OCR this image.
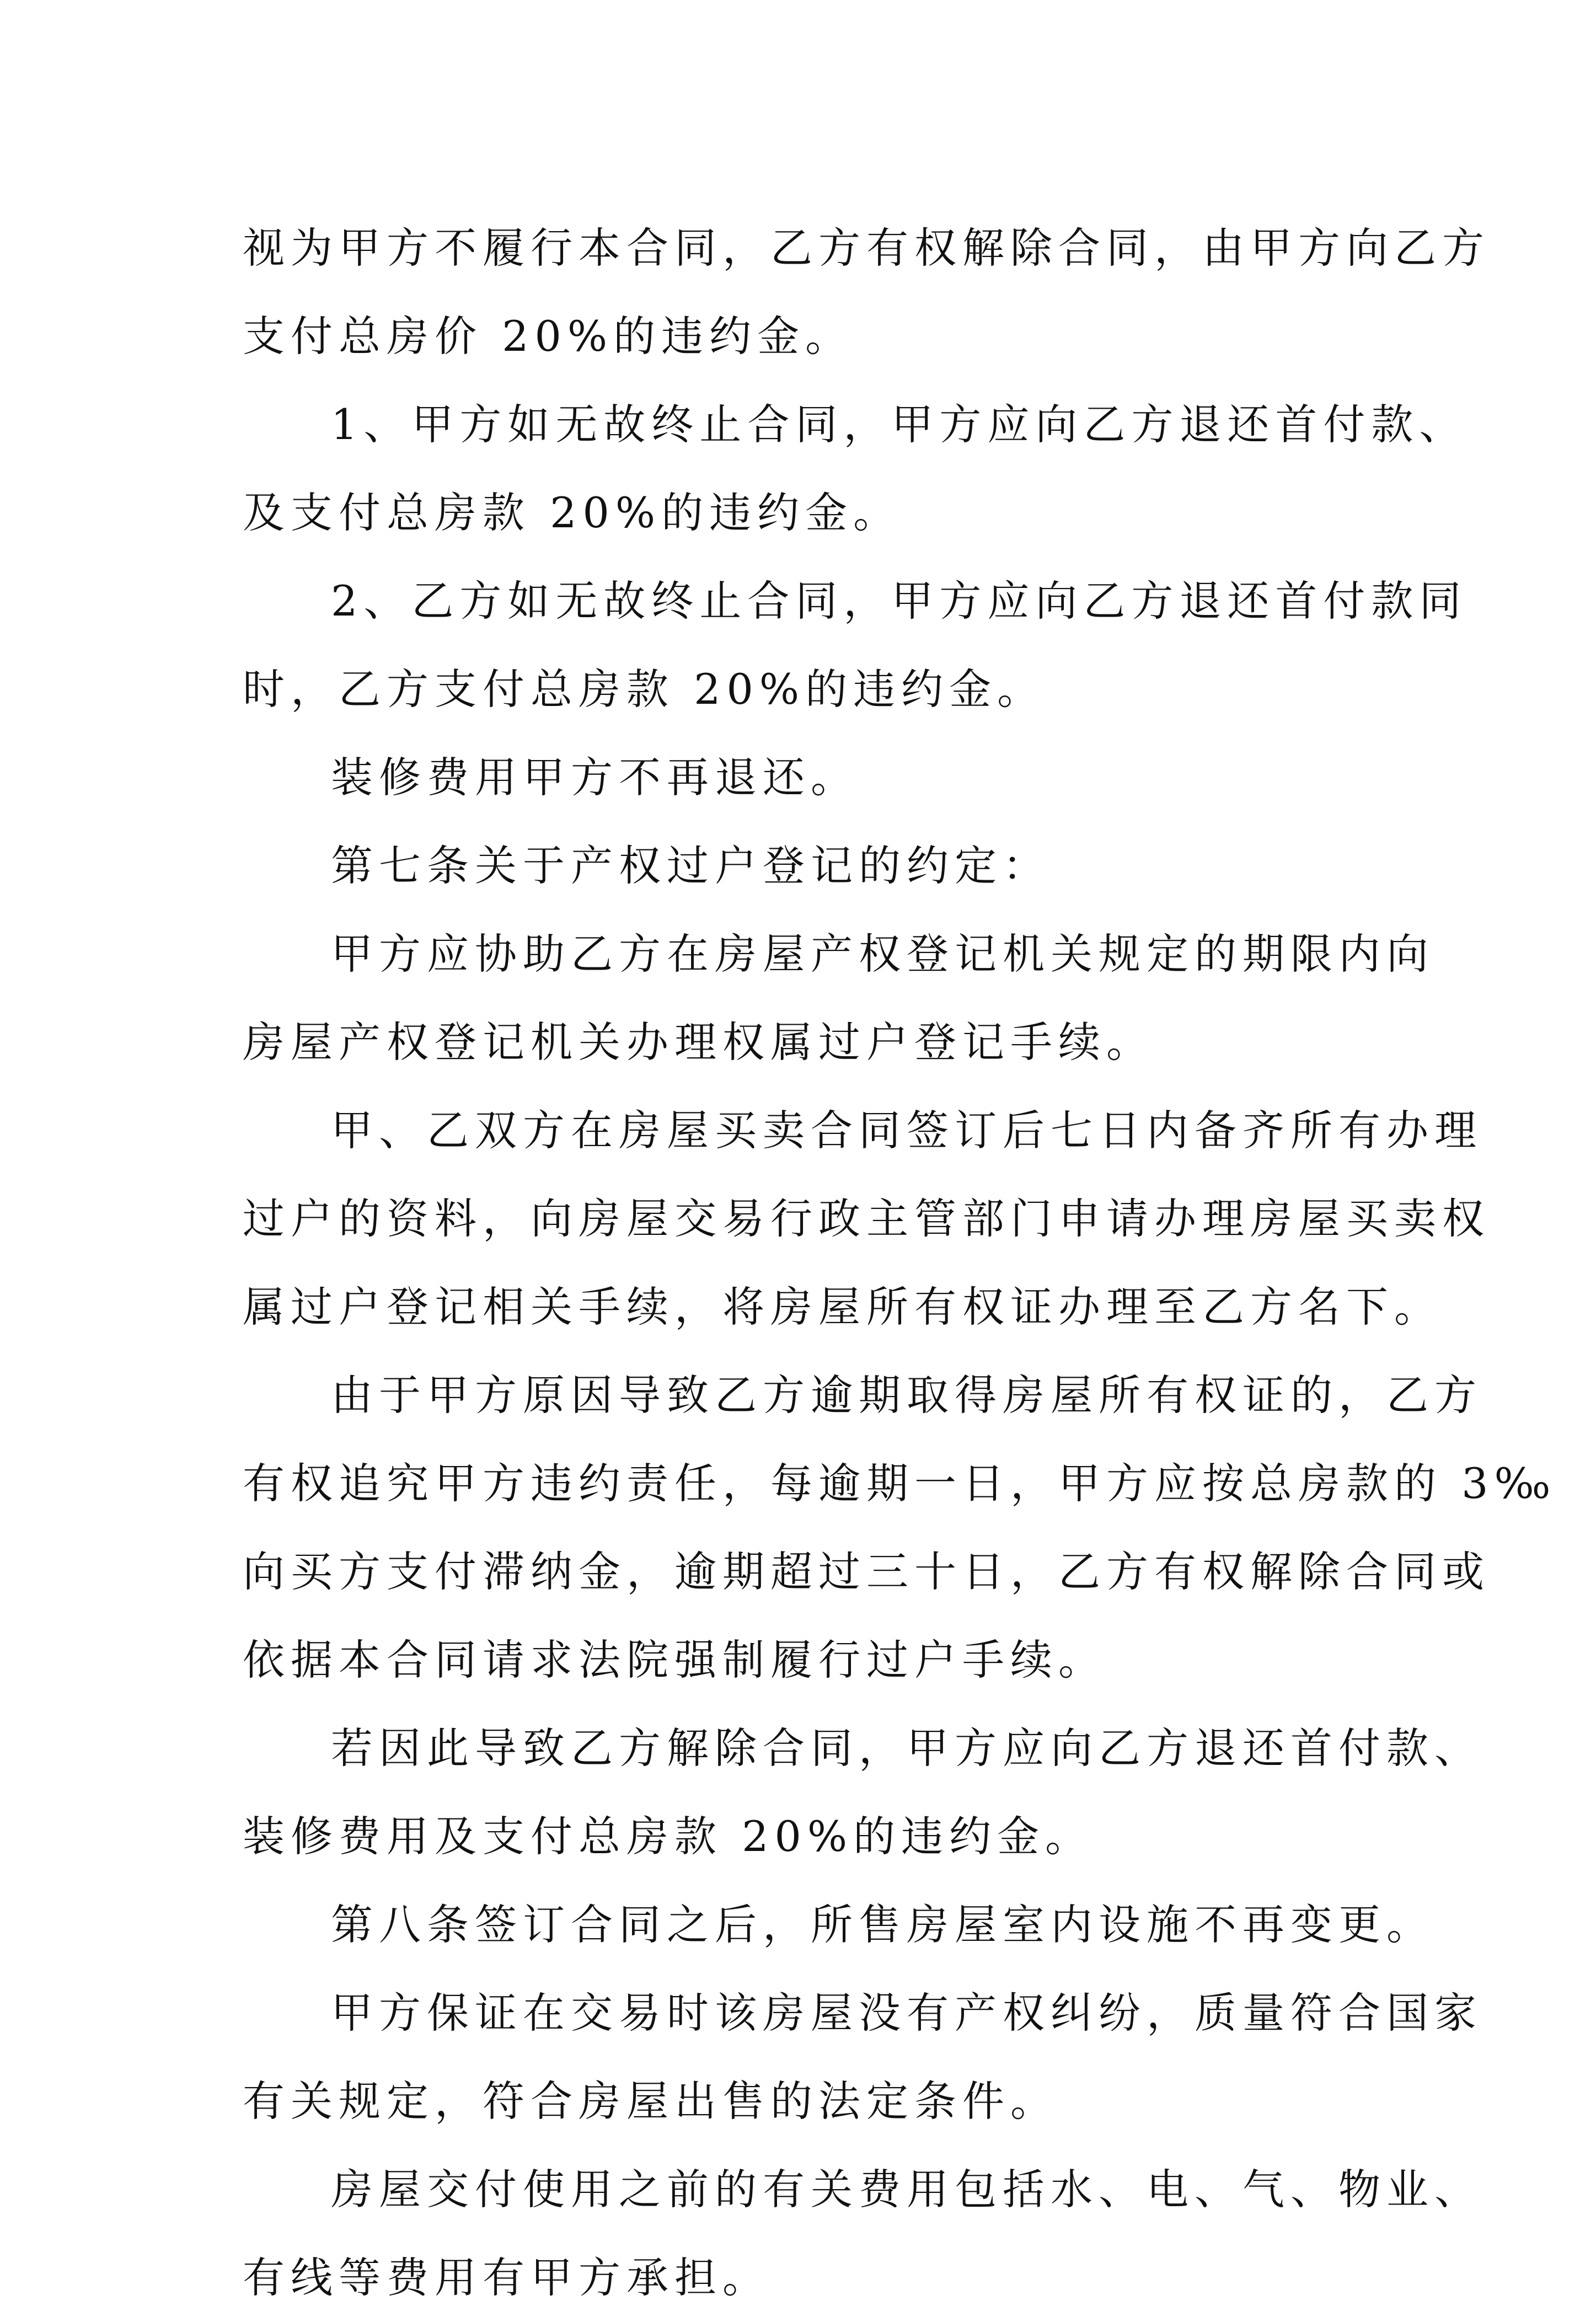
视为甲方不履行本合同，乙方有权解除合同，由甲方向乙方
支付总房价 20%的违约金。
1、甲方如无故终止合同，甲方应向乙方退还首付款、
及支付总房款 20%的违约金。
2、乙方如无故终止合同，甲方应向乙方退还首付款同
时，乙方支付总房款 20%的违约金。
装修费用甲方不再退还。
第七条关于产权过户登记的约定：
甲方应协助乙方在房屋产权登记机关规定的期限内向
房屋产权登记机关办理权属过户登记手续。
甲、乙双方在房屋买卖合同签订后七日内备齐所有办理
过户的资料，向房屋交易行政主管部门申请办理房屋买卖权
属过户登记相关手续，将房屋所有权证办理至乙方名下。
由于甲方原因导致乙方逾期取得房屋所有权证的，乙方
有权追究甲方违约责任，每逾期一日，甲方应按总房款的 3‰
向买方支付滞纳金，逾期超过三十日，乙方有权解除合同或
依据本合同请求法院强制履行过户手续。
若因此导致乙方解除合同，甲方应向乙方退还首付款、
装修费用及支付总房款 20%的违约金。
第八条签订合同之后，所售房屋室内设施不再变更。
甲方保证在交易时该房屋没有产权纠纷，质量符合国家
有关规定，符合房屋出售的法定条件。
房屋交付使用之前的有关费用包括水、电、气、物业、
有线等费用有甲方承担。
